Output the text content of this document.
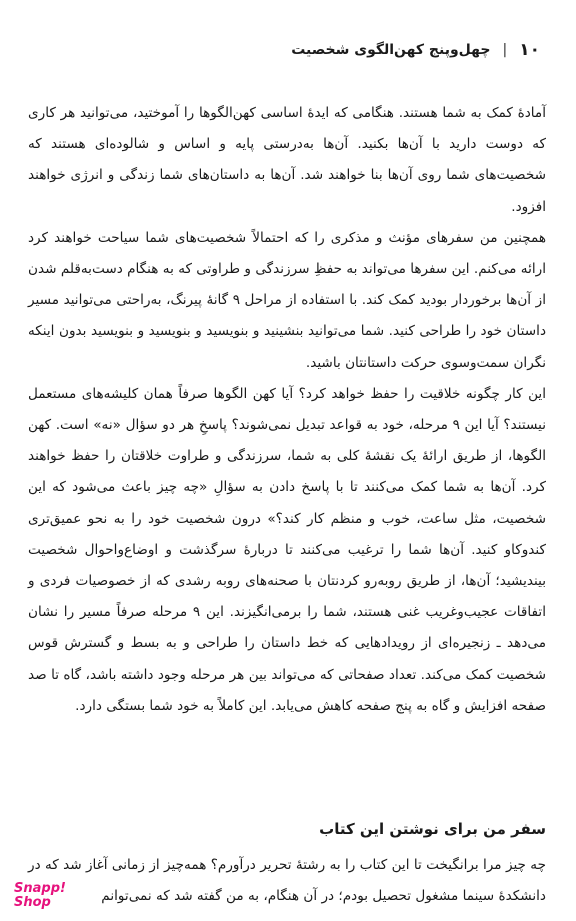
۱۰
|
چهل‌وپنج کهن‌الگوی شخصیت

آمادهٔ کمک به شما هستند. هنگامی که ایدهٔ اساسی کهن‌الگوها را آموختید، می‌توانید هر کاری که دوست دارید با آن‌ها بکنید. آن‌ها به‌درستی پایه و اساس و شالوده‌ای هستند که شخصیت‌های شما روی آن‌ها بنا خواهند شد. آن‌ها به داستان‌های شما زندگی و انرژی خواهند افزود.

همچنین من سفرهای مؤنث و مذکری را که احتمالاً شخصیت‌های شما سیاحت خواهند کرد ارائه می‌کنم. این سفرها می‌تواند به حفظِ سرزندگی و طراوتی که به هنگام دست‌به‌قلم شدن از آن‌ها برخوردار بودید کمک کند. با استفاده از مراحل ۹ گانهٔ پیرنگ، به‌راحتی می‌توانید مسیر داستان خود را طراحی کنید. شما می‌توانید بنشینید و بنویسید و بنویسید و بنویسید بدون اینکه نگران سمت‌وسوی حرکت داستانتان باشید.

این کار چگونه خلاقیت را حفظ خواهد کرد؟ آیا کهن الگوها صرفاً همان کلیشه‌های مستعمل نیستند؟ آیا این ۹ مرحله، خود به قواعد تبدیل نمی‌شوند؟ پاسخِ هر دو سؤال «نه» است. کهن الگوها، از طریق ارائهٔ یک نقشهٔ کلی به شما، سرزندگی و طراوت خلاقتان را حفظ خواهند کرد. آن‌ها به شما کمک می‌کنند تا با پاسخ دادن به سؤالِ «چه چیز باعث می‌شود که این شخصیت، مثل ساعت، خوب و منظم کار کند؟» درون شخصیت خود را به نحو عمیق‌تری کندوکاو کنید. آن‌ها شما را ترغیب می‌کنند تا دربارهٔ سرگذشت و اوضاع‌واحوال شخصیت بیندیشید؛ آن‌ها، از طریق روبه‌رو کردنتان با صحنه‌های روبه رشدی که از خصوصیات فردی و اتفاقات عجیب‌وغریب غنی هستند، شما را برمی‌انگیزند. این ۹ مرحله صرفاً مسیر را نشان می‌دهد ـ زنجیره‌ای از رویدادهایی که خط داستان را طراحی و به بسط و گسترش قوس شخصیت کمک می‌کند. تعداد صفحاتی که می‌تواند بین هر مرحله وجود داشته باشد، گاه تا صد صفحه افزایش و گاه به پنج صفحه کاهش می‌یابد. این کاملاً به خود شما بستگی دارد.

سفر من برای نوشتن این کتاب

چه چیز مرا برانگیخت تا این کتاب را به رشتهٔ تحریر درآورم؟ همه‌چیز از زمانی آغاز شد که در دانشکدهٔ سینما مشغول تحصیل بودم؛ در آن هنگام، به من گفته شد که نمی‌توانم

Snapp!
Shop
